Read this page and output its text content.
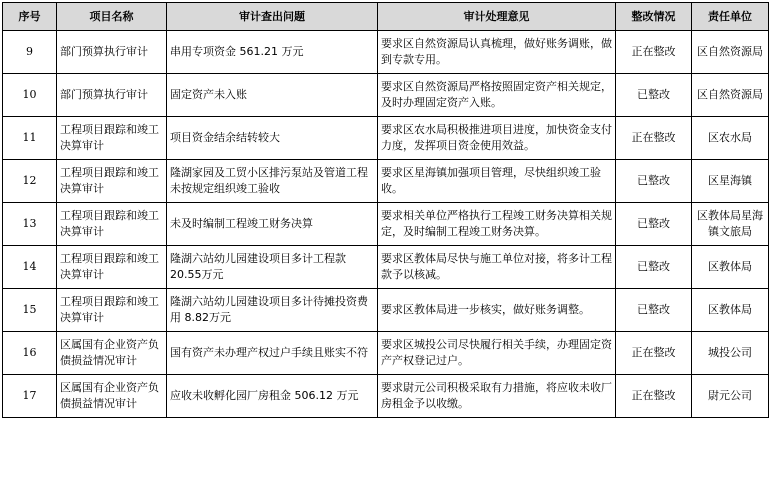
序号	项目名称	审计查出问题	审计处理意见	整改情况	责任单位
9	部门预算执行审计	串用专项资金 561.21 万元	要求区自然资源局认真梳理，做好账务调账，做到专款专用。	正在整改	区自然资源局
10	部门预算执行审计	固定资产未入账	要求区自然资源局严格按照固定资产相关规定，及时办理固定资产入账。	已整改	区自然资源局
11	工程项目跟踪和竣工决算审计	项目资金结余结转较大	要求区农水局积极推进项目进度，加快资金支付力度，发挥项目资金使用效益。	正在整改	区农水局
12	工程项目跟踪和竣工决算审计	隆湖家园及工贸小区排污泵站及管道工程未按规定组织竣工验收	要求区星海镇加强项目管理，尽快组织竣工验收。	已整改	区星海镇
13	工程项目跟踪和竣工决算审计	未及时编制工程竣工财务决算	要求相关单位严格执行工程竣工财务决算相关规定，及时编制工程竣工财务决算。	已整改	区教体局星海镇文旅局
14	工程项目跟踪和竣工决算审计	隆湖六站幼儿园建设项目多计工程款20.55万元	要求区教体局尽快与施工单位对接，将多计工程款予以核减。	已整改	区教体局
15	工程项目跟踪和竣工决算审计	隆湖六站幼儿园建设项目多计待摊投资费用 8.82万元	要求区教体局进一步核实，做好账务调整。	已整改	区教体局
16	区属国有企业资产负债损益情况审计	国有资产未办理产权过户手续且账实不符	要求区城投公司尽快履行相关手续，办理固定资产产权登记过户。	正在整改	城投公司
17	区属国有企业资产负债损益情况审计	应收未收孵化园厂房租金 506.12 万元	要求尉元公司积极采取有力措施，将应收未收厂房租金予以收缴。	正在整改	尉元公司
